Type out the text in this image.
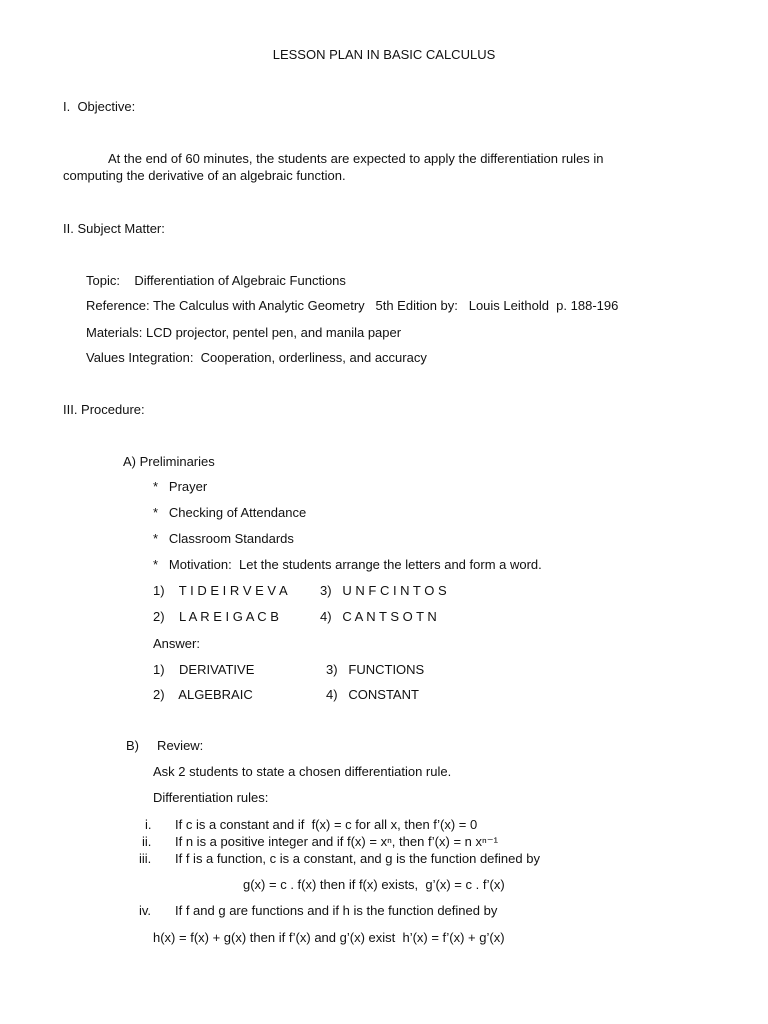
LESSON PLAN IN BASIC CALCULUS
I.  Objective:
At the end of 60 minutes, the students are expected to apply the differentiation rules in
computing the derivative of an algebraic function.
II. Subject Matter:
Topic:    Differentiation of Algebraic Functions
Reference: The Calculus with Analytic Geometry   5th Edition by:   Louis Leithold  p. 188-196
Materials: LCD projector, pentel pen, and manila paper
Values Integration:  Cooperation, orderliness, and accuracy
III. Procedure:
A) Preliminaries
*   Prayer
*   Checking of Attendance
*   Classroom Standards
*   Motivation:  Let the students arrange the letters and form a word.
1)    T I D E I R V E V A 3)   U N F C I N T O S
2)    L A R E I G A C B	4)   C A N T S O T N
Answer:
1)    DERIVATIVE	3)   FUNCTIONS
2)    ALGEBRAIC	4)   CONSTANT
B)     Review:
Ask 2 students to state a chosen differentiation rule.
Differentiation rules:
i. If c is a constant and if  f(x) = c for all x, then f’(x) = 0
ii. If n is a positive integer and if f(x) = xⁿ, then f’(x) = n xⁿ⁻¹
iii. If f is a function, c is a constant, and g is the function defined by
g(x) = c . f(x) then if f(x) exists,  g’(x) = c . f’(x)
iv. If f and g are functions and if h is the function defined by
h(x) = f(x) + g(x) then if f’(x) and g’(x) exist  h’(x) = f’(x) + g’(x)
